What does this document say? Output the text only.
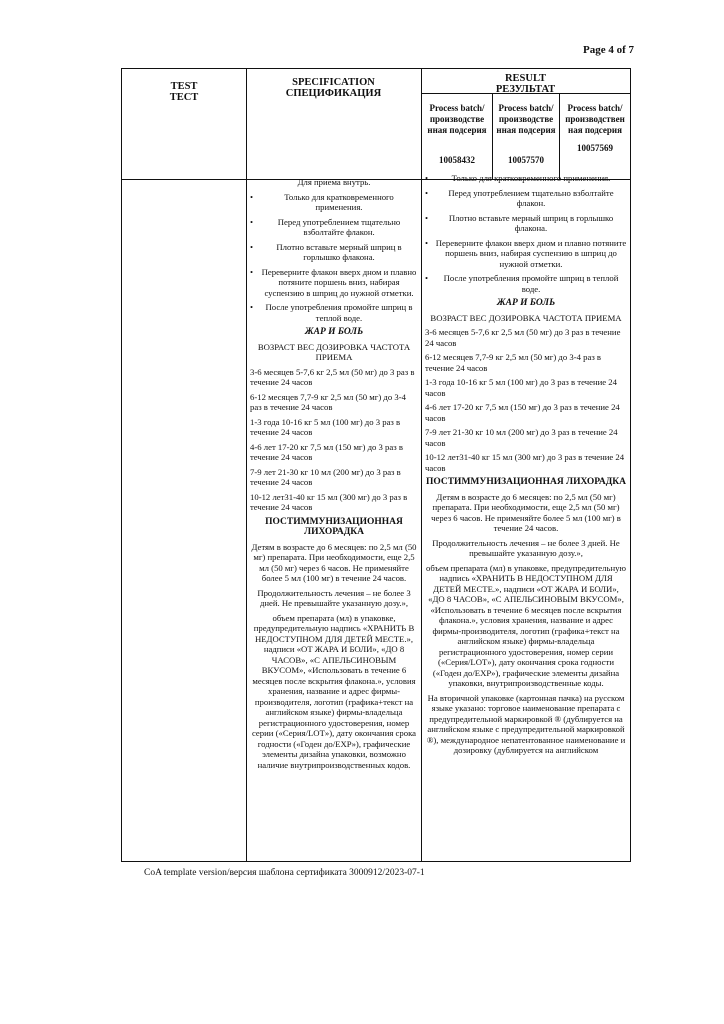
Page 4 of 7
TEST
ТЕСТ
SPECIFICATION
СПЕЦИФИКАЦИЯ
RESULT
РЕЗУЛЬТАТ
Process batch/ производстве нная подсерия
Process batch/ производстве нная подсерия
Process batch/ производствен ная подсерия
10058432	10057570
10057569

Для приема внутрь.

• Только для кратковременного применения.

• Перед употреблением тщательно взболтайте флакон.

• Плотно вставьте мерный шприц в горлышко флакона.

• Переверните флакон вверх дном и плавно потяните поршень вниз, набирая суспензию в шприц до нужной отметки.

• После употребления промойте шприц в теплой воде.

ЖАР И БОЛЬ

ВОЗРАСТ ВЕС ДОЗИРОВКА ЧАСТОТА ПРИЕМА

3-6 месяцев 5-7,6 кг 2,5 мл (50 мг) до 3 раз в течение 24 часов

6-12 месяцев 7,7-9 кг 2,5 мл (50 мг) до 3-4 раз в течение 24 часов

1-3 года 10-16 кг 5 мл (100 мг) до 3 раз в течение 24 часов

4-6 лет 17-20 кг 7,5 мл (150 мг) до 3 раз в течение 24 часов

7-9 лет 21-30 кг 10 мл (200 мг) до 3 раз в течение 24 часов

10-12 лет31-40 кг 15 мл (300 мг) до 3 раз в течение 24 часов

ПОСТИММУНИЗАЦИОННАЯ ЛИХОРАДКА

Детям в возрасте до 6 месяцев: по 2,5 мл (50 мг) препарата. При необходимости, еще 2,5 мл (50 мг) через 6 часов. Не применяйте более 5 мл (100 мг) в течение 24 часов.

Продолжительность лечения – не более 3 дней. Не превышайте указанную дозу.»,

объем препарата (мл) в упаковке, предупредительную надпись «ХРАНИТЬ В НЕДОСТУПНОМ ДЛЯ ДЕТЕЙ МЕСТЕ.», надписи «ОТ ЖАРА И БОЛИ», «ДО 8 ЧАСОВ», «С АПЕЛЬСИНОВЫМ ВКУСОМ», «Использовать в течение 6 месяцев после вскрытия флакона.», условия хранения, название и адрес фирмы-производителя, логотип (графика+текст на английском языке) фирмы-владельца регистрационного удостоверения, номер серии («Серия/LOT»), дату окончания срока годности («Годен до/EXP»), графические элементы дизайна упаковки, возможно наличие внутрипроизводственных кодов.

• Только для кратковременного применения.

• Перед употреблением тщательно взболтайте флакон.

• Плотно вставьте мерный шприц в горлышко флакона.

• Переверните флакон вверх дном и плавно потяните поршень вниз, набирая суспензию в шприц до нужной отметки.

• После употребления промойте шприц в теплой воде.

ЖАР И БОЛЬ

ВОЗРАСТ ВЕС ДОЗИРОВКА ЧАСТОТА ПРИЕМА

3-6 месяцев 5-7,6 кг 2,5 мл (50 мг) до 3 раз в течение 24 часов

6-12 месяцев 7,7-9 кг 2,5 мл (50 мг) до 3-4 раз в течение 24 часов

1-3 года 10-16 кг 5 мл (100 мг) до 3 раз в течение 24 часов

4-6 лет 17-20 кг 7,5 мл (150 мг) до 3 раз в течение 24 часов

7-9 лет 21-30 кг 10 мл (200 мг) до 3 раз в течение 24 часов

10-12 лет31-40 кг 15 мл (300 мг) до 3 раз в течение 24 часов

ПОСТИММУНИЗАЦИОННАЯ ЛИХОРАДКА

Детям в возрасте до 6 месяцев: по 2,5 мл (50 мг) препарата. При необходимости, еще 2,5 мл (50 мг) через 6 часов. Не применяйте более 5 мл (100 мг) в течение 24 часов.

Продолжительность лечения – не более 3 дней. Не превышайте указанную дозу.»,

объем препарата (мл) в упаковке, предупредительную надпись «ХРАНИТЬ В НЕДОСТУПНОМ ДЛЯ ДЕТЕЙ МЕСТЕ.», надписи «ОТ ЖАРА И БОЛИ», «ДО 8 ЧАСОВ», «С АПЕЛЬСИНОВЫМ ВКУСОМ», «Использовать в течение 6 месяцев после вскрытия флакона.», условия хранения, название и адрес фирмы-производителя, логотип (графика+текст на английском языке) фирмы-владельца регистрационного удостоверения, номер серии («Серия/LOT»), дату окончания срока годности («Годен до/EXP»), графические элементы дизайна упаковки, внутрипроизводственные коды.

На вторичной упаковке (картонная пачка) на русском языке указано: торговое наименование препарата с предупредительной маркировкой ® (дублируется на английском языке с предупредительной маркировкой ®), международное непатентованное наименование и дозировку (дублируется на английском

CoA template version/версия шаблона сертификата 3000912/2023-07-1
